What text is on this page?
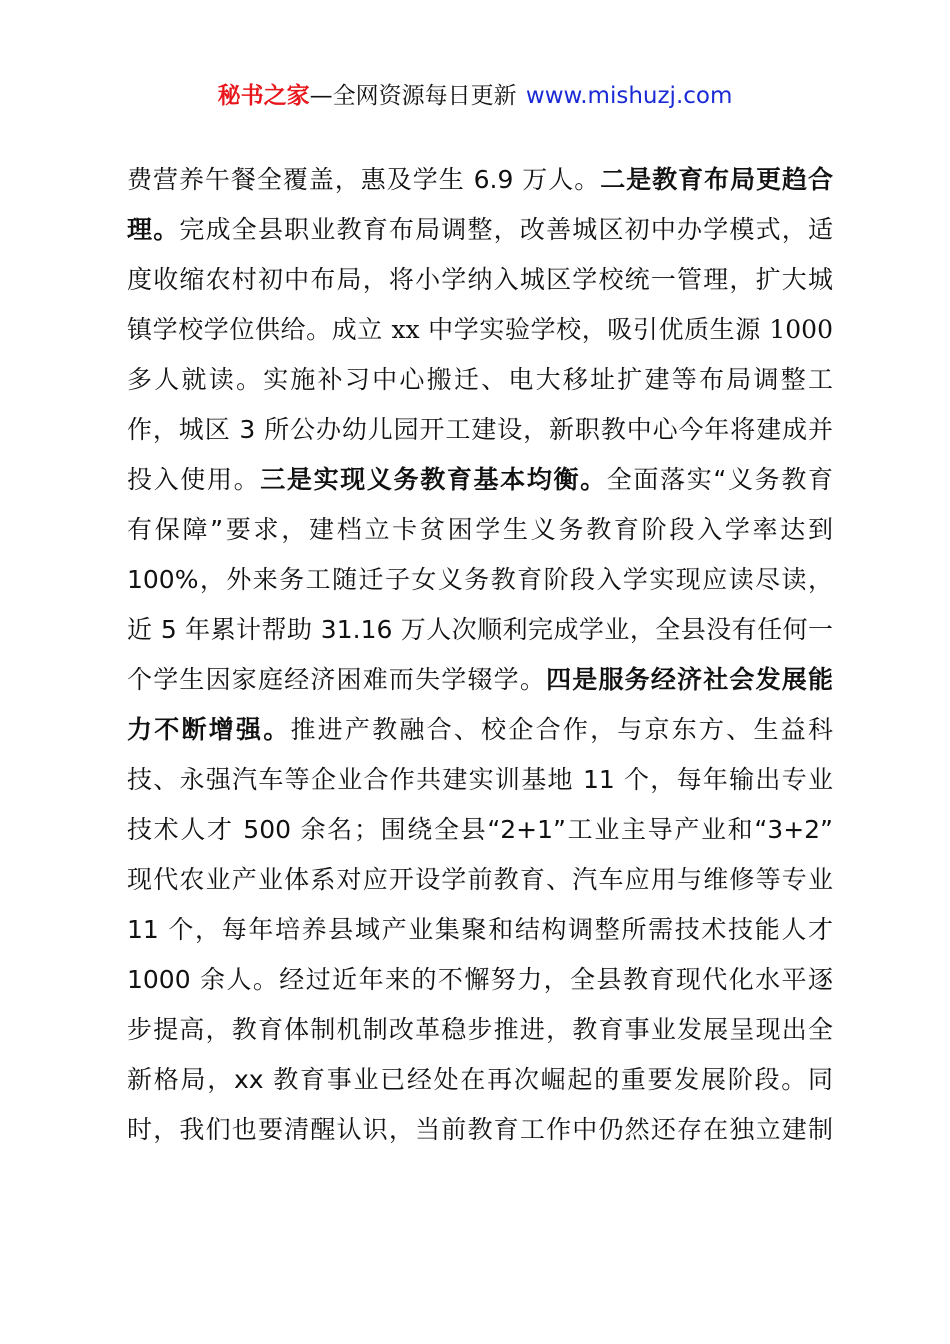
秘书之家—全网资源每日更新 www.mishuzj.com
费营养午餐全覆盖，惠及学生 6.9 万人。二是教育布局更趋合
理。完成全县职业教育布局调整，改善城区初中办学模式，适
度收缩农村初中布局，将小学纳入城区学校统一管理，扩大城
镇学校学位供给。成立 xx 中学实验学校，吸引优质生源 1000
多人就读。实施补习中心搬迁、电大移址扩建等布局调整工
作，城区 3 所公办幼儿园开工建设，新职教中心今年将建成并
投入使用。三是实现义务教育基本均衡。全面落实“义务教育
有保障”要求，建档立卡贫困学生义务教育阶段入学率达到
100%，外来务工随迁子女义务教育阶段入学实现应读尽读，
近 5 年累计帮助 31.16 万人次顺利完成学业，全县没有任何一
个学生因家庭经济困难而失学辍学。四是服务经济社会发展能
力不断增强。推进产教融合、校企合作，与京东方、生益科
技、永强汽车等企业合作共建实训基地 11 个，每年输出专业
技术人才 500 余名；围绕全县“2+1”工业主导产业和“3+2”
现代农业产业体系对应开设学前教育、汽车应用与维修等专业
11 个，每年培养县域产业集聚和结构调整所需技术技能人才
1000 余人。经过近年来的不懈努力，全县教育现代化水平逐
步提高，教育体制机制改革稳步推进，教育事业发展呈现出全
新格局，xx 教育事业已经处在再次崛起的重要发展阶段。同
时，我们也要清醒认识，当前教育工作中仍然还存在独立建制
